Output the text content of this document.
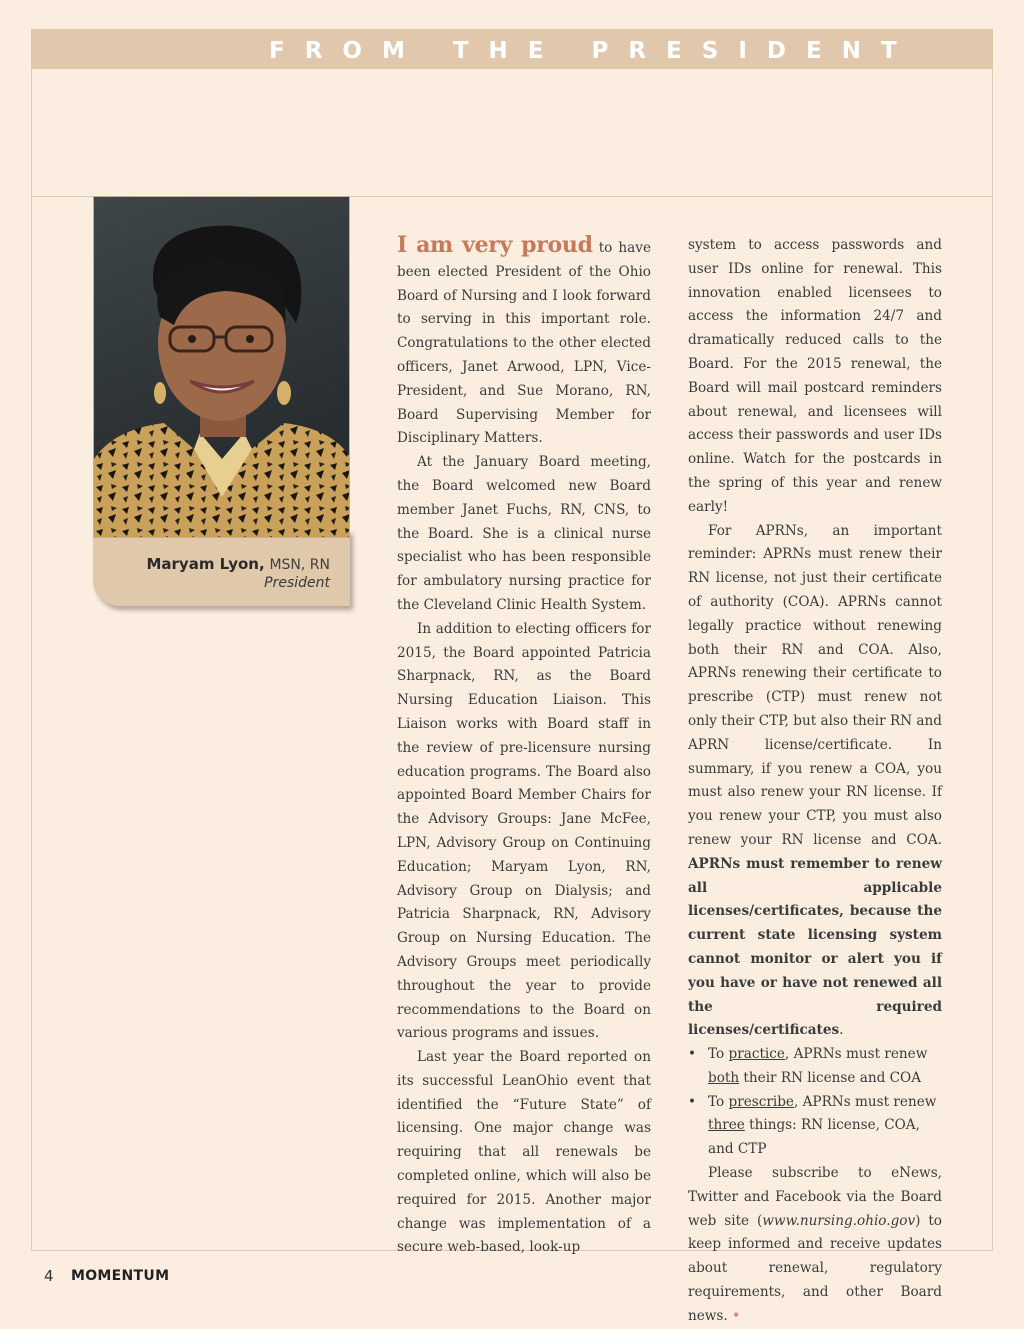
FROM THE PRESIDENT
Maryam Lyon, MSN, RN
President

I am very proud to have been elected President of the Ohio Board of Nursing and I look forward to serving in this important role. Congratulations to the other elected officers, Janet Arwood, LPN, Vice-President, and Sue Morano, RN, Board Supervising Member for Disciplinary Matters.

At the January Board meeting, the Board welcomed new Board member Janet Fuchs, RN, CNS, to the Board. She is a clinical nurse specialist who has been responsible for ambulatory nursing practice for the Cleveland Clinic Health System.

In addition to electing officers for 2015, the Board appointed Patricia Sharpnack, RN, as the Board Nursing Education Liaison. This Liaison works with Board staff in the review of pre-licensure nursing education programs. The Board also appointed Board Member Chairs for the Advisory Groups: Jane McFee, LPN, Advisory Group on Continuing Education; Maryam Lyon, RN, Advisory Group on Dialysis; and Patricia Sharpnack, RN, Advisory Group on Nursing Education. The Advisory Groups meet periodically throughout the year to provide recommendations to the Board on various programs and issues.

Last year the Board reported on its successful LeanOhio event that identified the “Future State” of licensing. One major change was requiring that all renewals be completed online, which will also be required for 2015. Another major change was implementation of a secure web-based, look-up

system to access passwords and user IDs online for renewal. This innovation enabled licensees to access the information 24/7 and dramatically reduced calls to the Board. For the 2015 renewal, the Board will mail postcard reminders about renewal, and licensees will access their passwords and user IDs online. Watch for the postcards in the spring of this year and renew early!

For APRNs, an important reminder: APRNs must renew their RN license, not just their certificate of authority (COA). APRNs cannot legally practice without renewing both their RN and COA. Also, APRNs renewing their certificate to prescribe (CTP) must renew not only their CTP, but also their RN and APRN license/certificate. In summary, if you renew a COA, you must also renew your RN license. If you renew your CTP, you must also renew your RN license and COA. APRNs must remember to renew all applicable licenses/certificates, because the current state licensing system cannot monitor or alert you if you have or have not renewed all the required licenses/certificates.

• To practice, APRNs must renew both their RN license and COA
• To prescribe, APRNs must renew three things: RN license, COA, and CTP

Please subscribe to eNews, Twitter and Facebook via the Board web site (www.nursing.ohio.gov) to keep informed and receive updates about renewal, regulatory requirements, and other Board news. •

4 MOMENTUM
